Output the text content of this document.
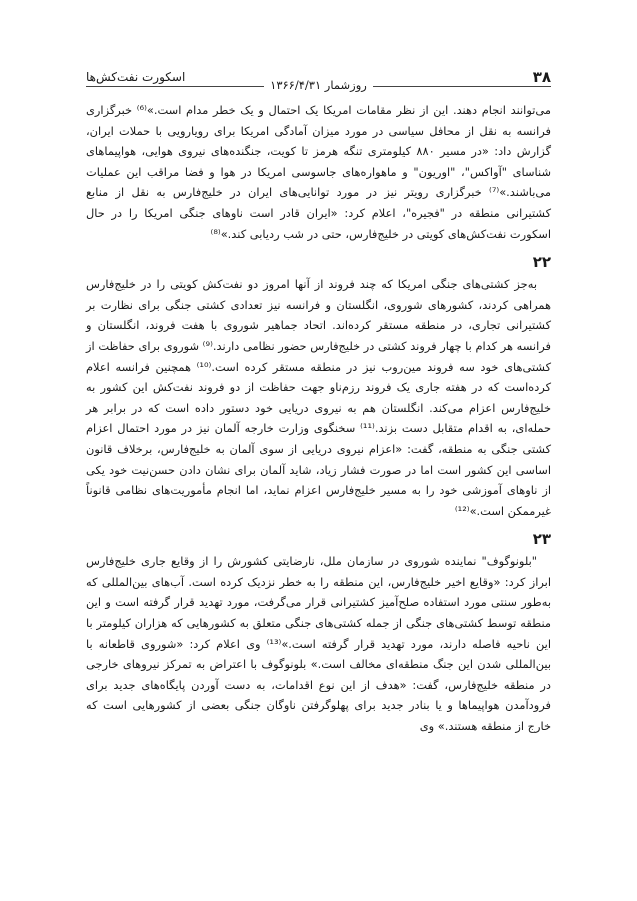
۳۸
روزشمار ۱۳۶۶/۴/۳۱
اسکورت نفت‌کش‌ها

می‌توانند انجام دهند. این از نظر مقامات امریکا یک احتمال و یک خطر مدام است.»⁽⁶⁾ خبرگزاری فرانسه به نقل از محافل سیاسی در مورد میزان آمادگی امریکا برای رویارویی با حملات ایران، گزارش داد: «در مسیر ۸۸۰ کیلومتری تنگه هرمز تا کویت، جنگنده‌های نیروی هوایی، هواپیماهای شناسای "آواکس"، "اوریون" و ماهواره‌های جاسوسی امریکا در هوا و فضا مراقب این عملیات می‌باشند.»⁽⁷⁾ خبرگزاری رویتر نیز در مورد توانایی‌های ایران در خلیج‌فارس به نقل از منابع کشتیرانی منطقه در "فجیره"، اعلام کرد: «ایران قادر است ناوهای جنگی امریکا را در حال اسکورت نفت‌کش‌های کویتی در خلیج‌فارس، حتی در شب ردیابی کند.»⁽⁸⁾

۲۲

به‌جز کشتی‌های جنگی امریکا که چند فروند از آنها امروز دو نفت‌کش کویتی را در خلیج‌فارس همراهی کردند، کشورهای شوروی، انگلستان و فرانسه نیز تعدادی کشتی جنگی برای نظارت بر کشتیرانی تجاری، در منطقه مستقر کرده‌اند. اتحاد جماهیر شوروی با هفت فروند، انگلستان و فرانسه هر کدام با چهار فروند کشتی در خلیج‌فارس حضور نظامی دارند.⁽⁹⁾ شوروی برای حفاظت از کشتی‌های خود سه فروند مین‌روب نیز در منطقه مستقر کرده است.⁽¹⁰⁾ همچنین فرانسه اعلام کرده‌است که در هفته جاری یک فروند رزم‌ناو جهت حفاظت از دو فروند نفت‌کش این کشور به خلیج‌فارس اعزام می‌کند. انگلستان هم به نیروی دریایی خود دستور داده است که در برابر هر حمله‌ای، به اقدام متقابل دست بزند.⁽¹¹⁾ سخنگوی وزارت خارجه آلمان نیز در مورد احتمال اعزام کشتی جنگی به منطقه، گفت: «اعزام نیروی دریایی از سوی آلمان به خلیج‌فارس، برخلاف قانون اساسی این کشور است اما در صورت فشار زیاد، شاید آلمان برای نشان دادن حسن‌نیت خود یکی از ناوهای آموزشی خود را به مسیر خلیج‌فارس اعزام نماید، اما انجام مأموریت‌های نظامی قانوناً غیرممکن است.»⁽¹²⁾

۲۳

"بلونوگوف" نماینده شوروی در سازمان ملل، نارضایتی کشورش را از وقایع جاری خلیج‌فارس ابراز کرد: «وقایع اخیر خلیج‌فارس، این منطقه را به خطر نزدیک کرده است. آب‌های بین‌المللی که به‌طور سنتی مورد استفاده صلح‌آمیز کشتیرانی قرار می‌گرفت، مورد تهدید قرار گرفته است و این منطقه توسط کشتی‌های جنگی از جمله کشتی‌های جنگی متعلق به کشورهایی که هزاران کیلومتر با این ناحیه فاصله دارند، مورد تهدید قرار گرفته است.»⁽¹³⁾ وی اعلام کرد: «شوروی قاطعانه با بین‌المللی شدن این جنگ منطقه‌ای مخالف است.» بلونوگوف با اعتراض به تمرکز نیروهای خارجی در منطقه خلیج‌فارس، گفت: «هدف از این نوع اقدامات، به دست آوردن پایگاه‌های جدید برای فرودآمدن هواپیماها و یا بنادر جدید برای پهلوگرفتن ناوگان جنگی بعضی از کشورهایی است که خارج از منطقه هستند.» وی
